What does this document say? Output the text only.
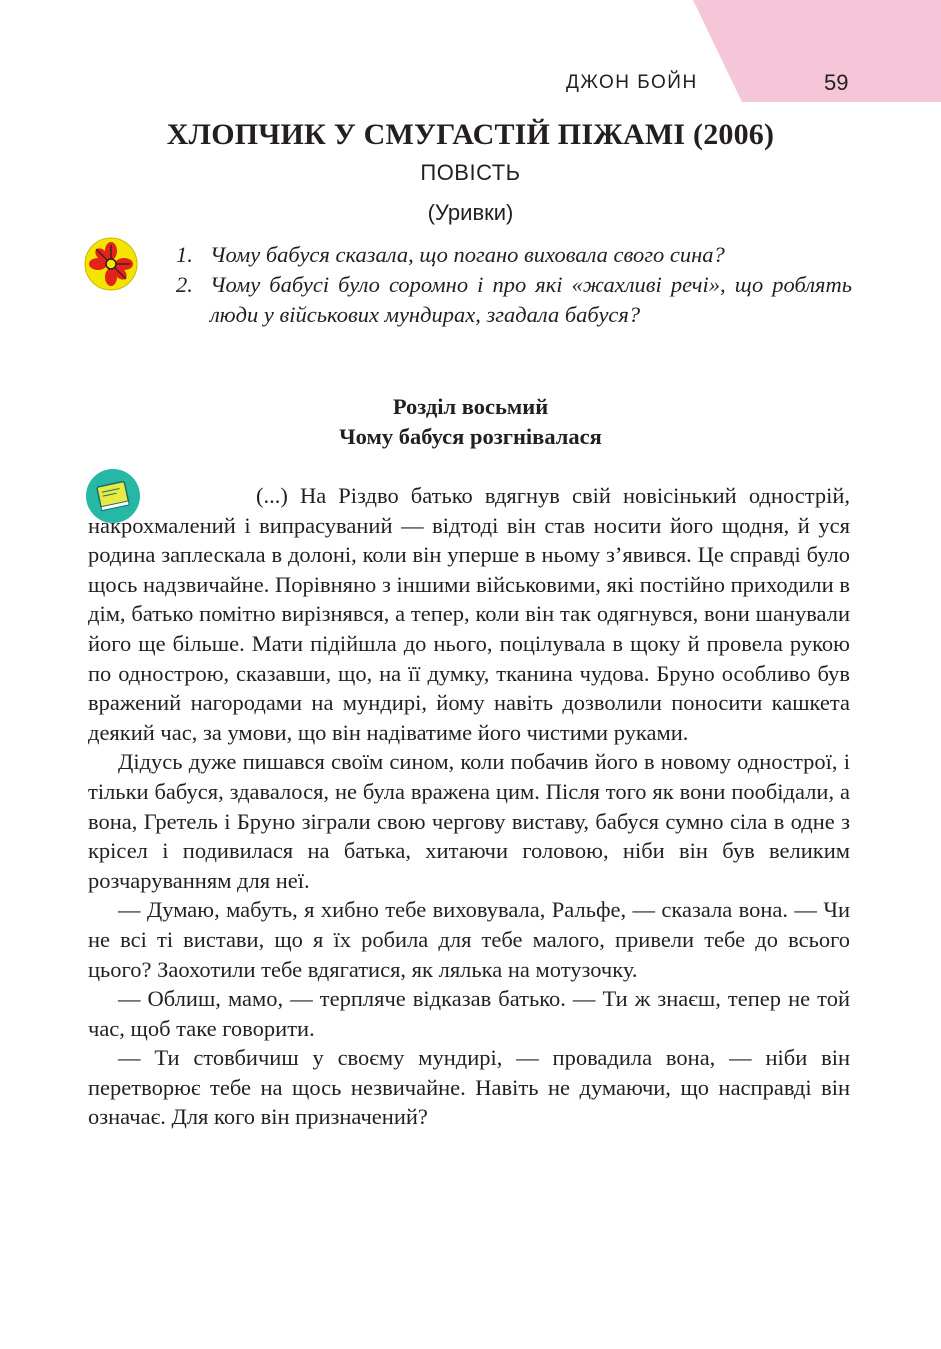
ДЖОН БОЙН	59
ХЛОПЧИК У СМУГАСТІЙ ПІЖАМІ (2006)
ПОВІСТЬ
(Уривки)
1. Чому бабуся сказала, що погано виховала свого сина?
2. Чому бабусі було соромно і про які «жахливі речі», що роблять люди у військових мундирах, згадала бабуся?
Розділ восьмий
Чому бабуся розгнівалася

(...) На Різдво батько вдягнув свій новісінький однострій, накрохмалений і випрасуваний — відтоді він став носити його щодня, й уся родина заплескала в долоні, коли він уперше в ньому з’явився. Це справді було щось надзвичайне. Порівняно з іншими військовими, які постійно приходили в дім, батько помітно вирізнявся, а тепер, коли він так одягнувся, вони шанували його ще більше. Мати підійшла до нього, поцілувала в щоку й провела рукою по однострою, сказавши, що, на її думку, тканина чудова. Бруно особливо був вражений нагородами на мундирі, йому навіть дозволили поносити кашкета деякий час, за умови, що він надіватиме його чистими руками.

Дідусь дуже пишався своїм сином, коли побачив його в новому однострої, і тільки бабуся, здавалося, не була вражена цим. Після того як вони пообідали, а вона, Гретель і Бруно зіграли свою чергову виставу, бабуся сумно сіла в одне з крісел і подивилася на батька, хитаючи головою, ніби він був великим розчаруванням для неї.

— Думаю, мабуть, я хибно тебе виховувала, Ральфе, — сказала вона. — Чи не всі ті вистави, що я їх робила для тебе малого, привели тебе до всього цього? Заохотили тебе вдягатися, як лялька на мотузочку.

— Облиш, мамо, — терпляче відказав батько. — Ти ж знаєш, тепер не той час, щоб таке говорити.

— Ти стовбичиш у своєму мундирі, — провадила вона, — ніби він перетворює тебе на щось незвичайне. Навіть не думаючи, що насправді він означає. Для кого він призначений?
